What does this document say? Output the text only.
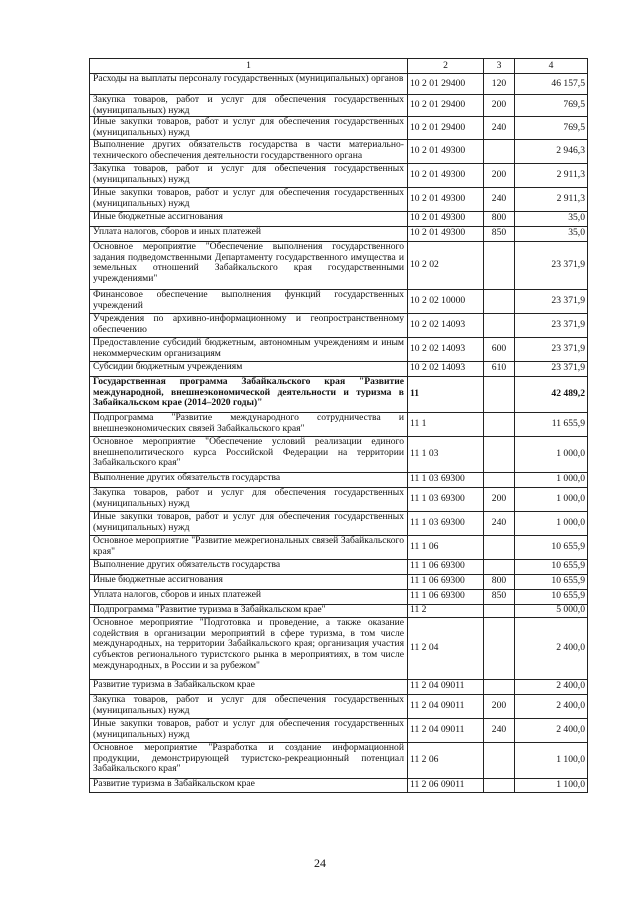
1	2	3	4
Расходы на выплаты персоналу государственных (муниципальных) органов	10 2 01 29400	120	46 157,5
Закупка товаров, работ и услуг для обеспечения государственных (муниципальных) нужд	10 2 01 29400	200	769,5
Иные закупки товаров, работ и услуг для обеспечения государственных (муниципальных) нужд	10 2 01 29400	240	769,5
Выполнение других обязательств государства в части материально-технического обеспечения деятельности государственного органа	10 2 01 49300		2 946,3
Закупка товаров, работ и услуг для обеспечения государственных (муниципальных) нужд	10 2 01 49300	200	2 911,3
Иные закупки товаров, работ и услуг для обеспечения государственных (муниципальных) нужд	10 2 01 49300	240	2 911,3
Иные бюджетные ассигнования	10 2 01 49300	800	35,0
Уплата налогов, сборов и иных платежей	10 2 01 49300	850	35,0
Основное мероприятие "Обеспечение выполнения государственного задания подведомственными Департаменту государственного имущества и земельных отношений Забайкальского края государственными учреждениями"	10 2 02		23 371,9
Финансовое обеспечение выполнения функций государственных учреждений	10 2 02 10000		23 371,9
Учреждения по архивно-информационному и геопространственному обеспечению	10 2 02 14093		23 371,9
Предоставление субсидий бюджетным, автономным учреждениям и иным некоммерческим организациям	10 2 02 14093	600	23 371,9
Субсидии бюджетным учреждениям	10 2 02 14093	610	23 371,9
Государственная программа Забайкальского края "Развитие международной, внешнеэкономической деятельности и туризма в Забайкальском крае (2014–2020 годы)"	11		42 489,2
Подпрограмма "Развитие международного сотрудничества и внешнеэкономических связей Забайкальского края"	11 1		11 655,9
Основное мероприятие "Обеспечение условий реализации единого внешнеполитического курса Российской Федерации на территории Забайкальского края"	11 1 03		1 000,0
Выполнение других обязательств государства	11 1 03 69300		1 000,0
Закупка товаров, работ и услуг для обеспечения государственных (муниципальных) нужд	11 1 03 69300	200	1 000,0
Иные закупки товаров, работ и услуг для обеспечения государственных (муниципальных) нужд	11 1 03 69300	240	1 000,0
Основное мероприятие "Развитие межрегиональных связей Забайкальского края"	11 1 06		10 655,9
Выполнение других обязательств государства	11 1 06 69300		10 655,9
Иные бюджетные ассигнования	11 1 06 69300	800	10 655,9
Уплата налогов, сборов и иных платежей	11 1 06 69300	850	10 655,9
Подпрограмма "Развитие туризма в Забайкальском крае"	11 2		5 000,0
Основное мероприятие "Подготовка и проведение, а также оказание содействия в организации мероприятий в сфере туризма, в том числе международных, на территории Забайкальского края; организация участия субъектов регионального туристского рынка в мероприятиях, в том числе международных, в России и за рубежом"	11 2 04		2 400,0
Развитие туризма в Забайкальском крае	11 2 04 09011		2 400,0
Закупка товаров, работ и услуг для обеспечения государственных (муниципальных) нужд	11 2 04 09011	200	2 400,0
Иные закупки товаров, работ и услуг для обеспечения государственных (муниципальных) нужд	11 2 04 09011	240	2 400,0
Основное мероприятие "Разработка и создание информационной продукции, демонстрирующей туристско-рекреационный потенциал Забайкальского края"	11 2 06		1 100,0
Развитие туризма в Забайкальском крае	11 2 06 09011		1 100,0
24
